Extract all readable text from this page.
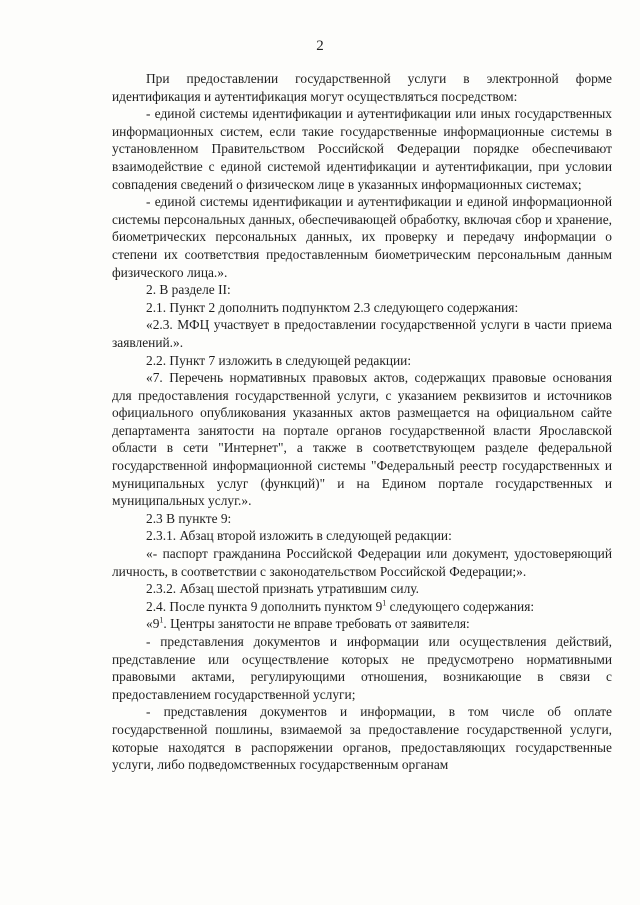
2

При предоставлении государственной услуги в электронной форме идентификация и аутентификация могут осуществляться посредством:

- единой системы идентификации и аутентификации или иных государственных информационных систем, если такие государственные информационные системы в установленном Правительством Российской Федерации порядке обеспечивают взаимодействие с единой системой идентификации и аутентификации, при условии совпадения сведений о физическом лице в указанных информационных системах;

- единой системы идентификации и аутентификации и единой информационной системы персональных данных, обеспечивающей обработку, включая сбор и хранение, биометрических персональных данных, их проверку и передачу информации о степени их соответствия предоставленным биометрическим персональным данным физического лица.».

2. В разделе II:

2.1. Пункт 2 дополнить подпунктом 2.3 следующего содержания:

«2.3. МФЦ участвует в предоставлении государственной услуги в части приема заявлений.».

2.2. Пункт 7 изложить в следующей редакции:

«7. Перечень нормативных правовых актов, содержащих правовые основания для предоставления государственной услуги, с указанием реквизитов и источников официального опубликования указанных актов размещается на официальном сайте департамента занятости на портале органов государственной власти Ярославской области в сети "Интернет", а также в соответствующем разделе федеральной государственной информационной системы "Федеральный реестр государственных и муниципальных услуг (функций)" и на Едином портале государственных и муниципальных услуг.».

2.3 В пункте 9:

2.3.1. Абзац второй изложить в следующей редакции:

«- паспорт гражданина Российской Федерации или документ, удостоверяющий личность, в соответствии с законодательством Российской Федерации;».

2.3.2. Абзац шестой признать утратившим силу.

2.4. После пункта 9 дополнить пунктом $9^1$ следующего содержания:

«$9^1$. Центры занятости не вправе требовать от заявителя:

- представления документов и информации или осуществления действий, представление или осуществление которых не предусмотрено нормативными правовыми актами, регулирующими отношения, возникающие в связи с предоставлением государственной услуги;

- представления документов и информации, в том числе об оплате государственной пошлины, взимаемой за предоставление государственной услуги, которые находятся в распоряжении органов, предоставляющих государственные услуги, либо подведомственных государственным органам
